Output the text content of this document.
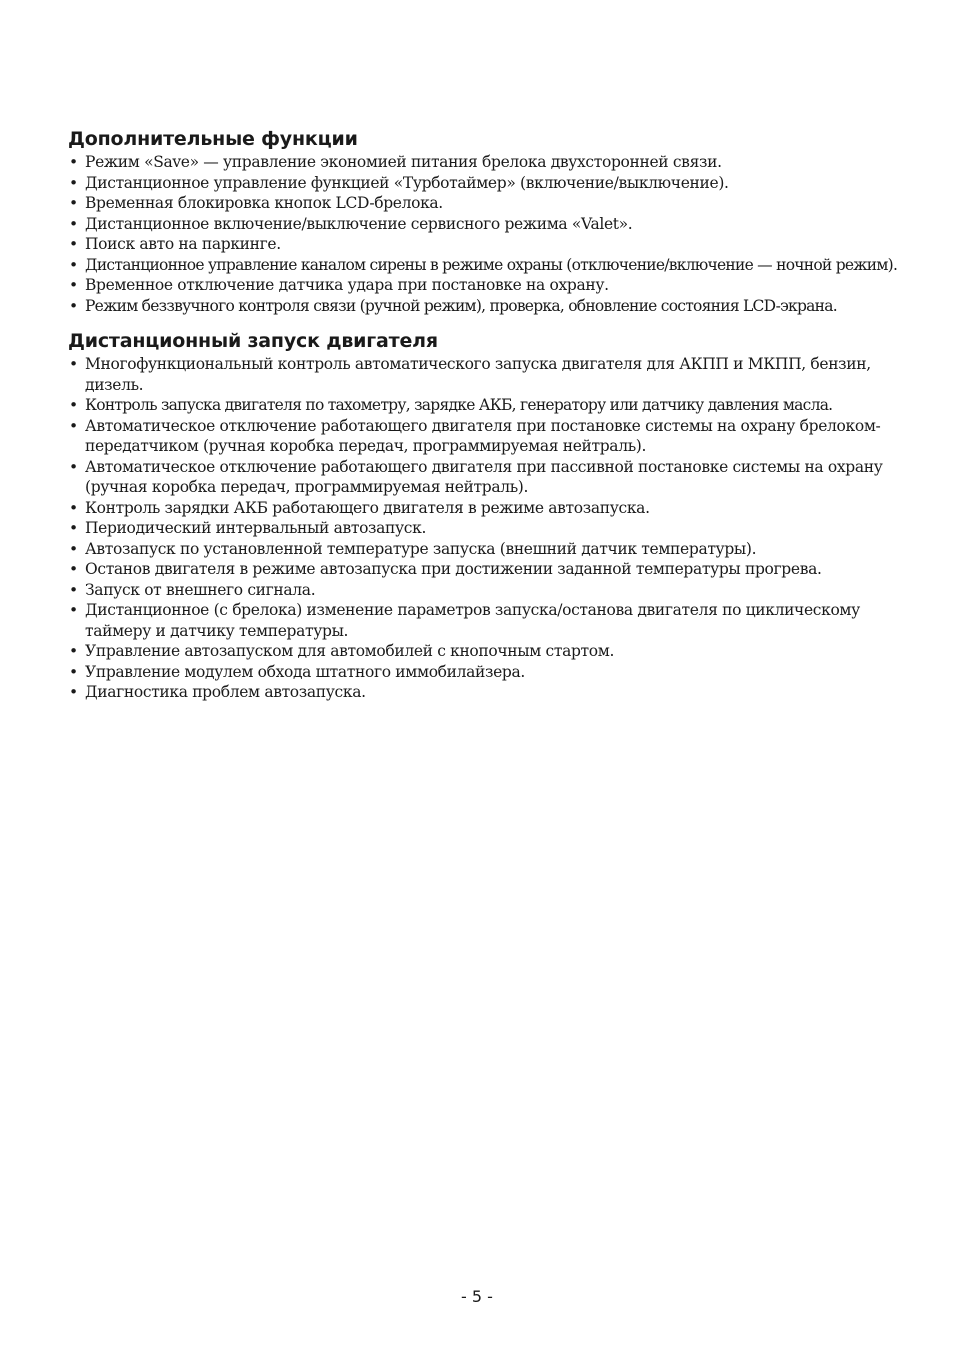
Дополнительные функции
• Режим «Save» — управление экономией питания брелока двухсторонней связи.
• Дистанционное управление функцией «Турботаймер» (включение/выключение).
• Временная блокировка кнопок LCD-брелока.
• Дистанционное включение/выключение сервисного режима «Valet».
• Поиск авто на паркинге.
• Дистанционное управление каналом сирены в режиме охраны (отключение/включение — ночной режим).
• Временное отключение датчика удара при постановке на охрану.
• Режим беззвучного контроля связи (ручной режим), проверка, обновление состояния LCD-экрана.
Дистанционный запуск двигателя
• Многофункциональный контроль автоматического запуска двигателя для АКПП и МКПП, бензин, дизель.
• Контроль запуска двигателя по тахометру, зарядке АКБ, генератору или датчику давления масла.
• Автоматическое отключение работающего двигателя при постановке системы на охрану брелоком-передатчиком (ручная коробка передач, программируемая нейтраль).
• Автоматическое отключение работающего двигателя при пассивной постановке системы на охрану (ручная коробка передач, программируемая нейтраль).
• Контроль зарядки АКБ работающего двигателя в режиме автозапуска.
• Периодический интервальный автозапуск.
• Автозапуск по установленной температуре запуска (внешний датчик температуры).
• Останов двигателя в режиме автозапуска при достижении заданной температуры прогрева.
• Запуск от внешнего сигнала.
• Дистанционное (с брелока) изменение параметров запуска/останова двигателя по циклическому таймеру и датчику температуры.
• Управление автозапуском для автомобилей с кнопочным стартом.
• Управление модулем обхода штатного иммобилайзера.
• Диагностика проблем автозапуска.
- 5 -
